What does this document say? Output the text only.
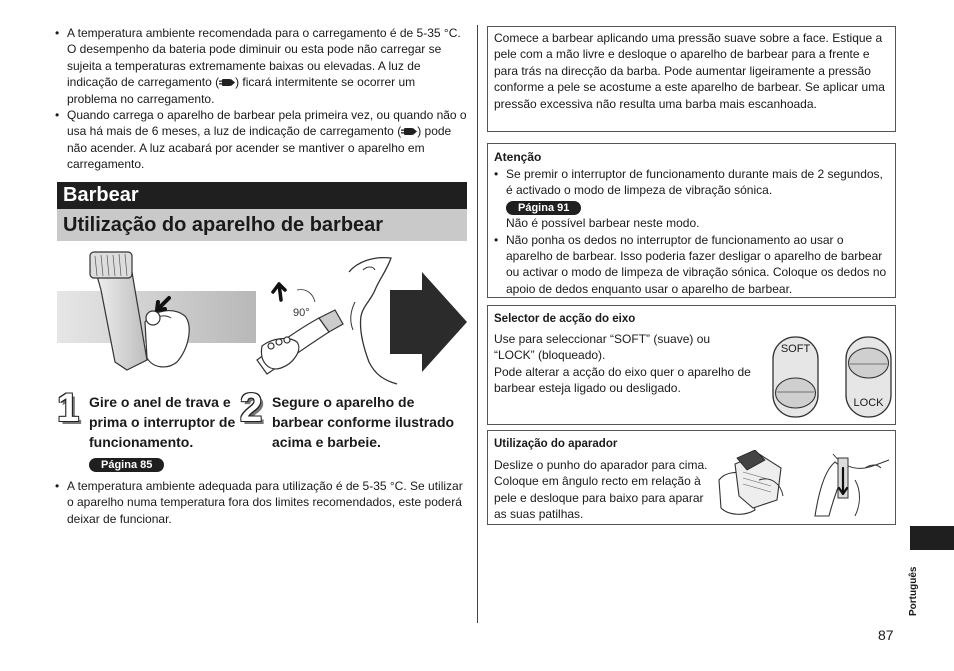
• A temperatura ambiente recomendada para o carregamento é de 5-35 °C. O desempenho da bateria pode diminuir ou esta pode não carregar se sujeita a temperaturas extremamente baixas ou elevadas. A luz de indicação de carregamento ( ) ficará intermitente se ocorrer um problema no carregamento.
• Quando carrega o aparelho de barbear pela primeira vez, ou quando não o usa há mais de 6 meses, a luz de indicação de carregamento ( ) pode não acender. A luz acabará por acender se mantiver o aparelho em carregamento.
Barbear
Utilização do aparelho de barbear
90°
1 Gire o anel de trava e prima o interruptor de funcionamento.
Página 85
2 Segure o aparelho de barbear conforme ilustrado acima e barbeie.
• A temperatura ambiente adequada para utilização é de 5-35 °C. Se utilizar o aparelho numa temperatura fora dos limites recomendados, este poderá deixar de funcionar.
Comece a barbear aplicando uma pressão suave sobre a face. Estique a pele com a mão livre e desloque o aparelho de barbear para a frente e para trás na direcção da barba. Pode aumentar ligeiramente a pressão conforme a pele se acostume a este aparelho de barbear. Se aplicar uma pressão excessiva não resulta uma barba mais escanhoada.
Atenção
• Se premir o interruptor de funcionamento durante mais de 2 segundos, é activado o modo de limpeza de vibração sónica.
Página 91
Não é possível barbear neste modo.
• Não ponha os dedos no interruptor de funcionamento ao usar o aparelho de barbear. Isso poderia fazer desligar o aparelho de barbear ou activar o modo de limpeza de vibração sónica. Coloque os dedos no apoio de dedos enquanto usar o aparelho de barbear.
Selector de acção do eixo
Use para seleccionar “SOFT” (suave) ou “LOCK” (bloqueado).
Pode alterar a acção do eixo quer o aparelho de barbear esteja ligado ou desligado.
SOFT
LOCK
Utilização do aparador
Deslize o punho do aparador para cima. Coloque em ângulo recto em relação à pele e desloque para baixo para aparar as suas patilhas.
Português
87
